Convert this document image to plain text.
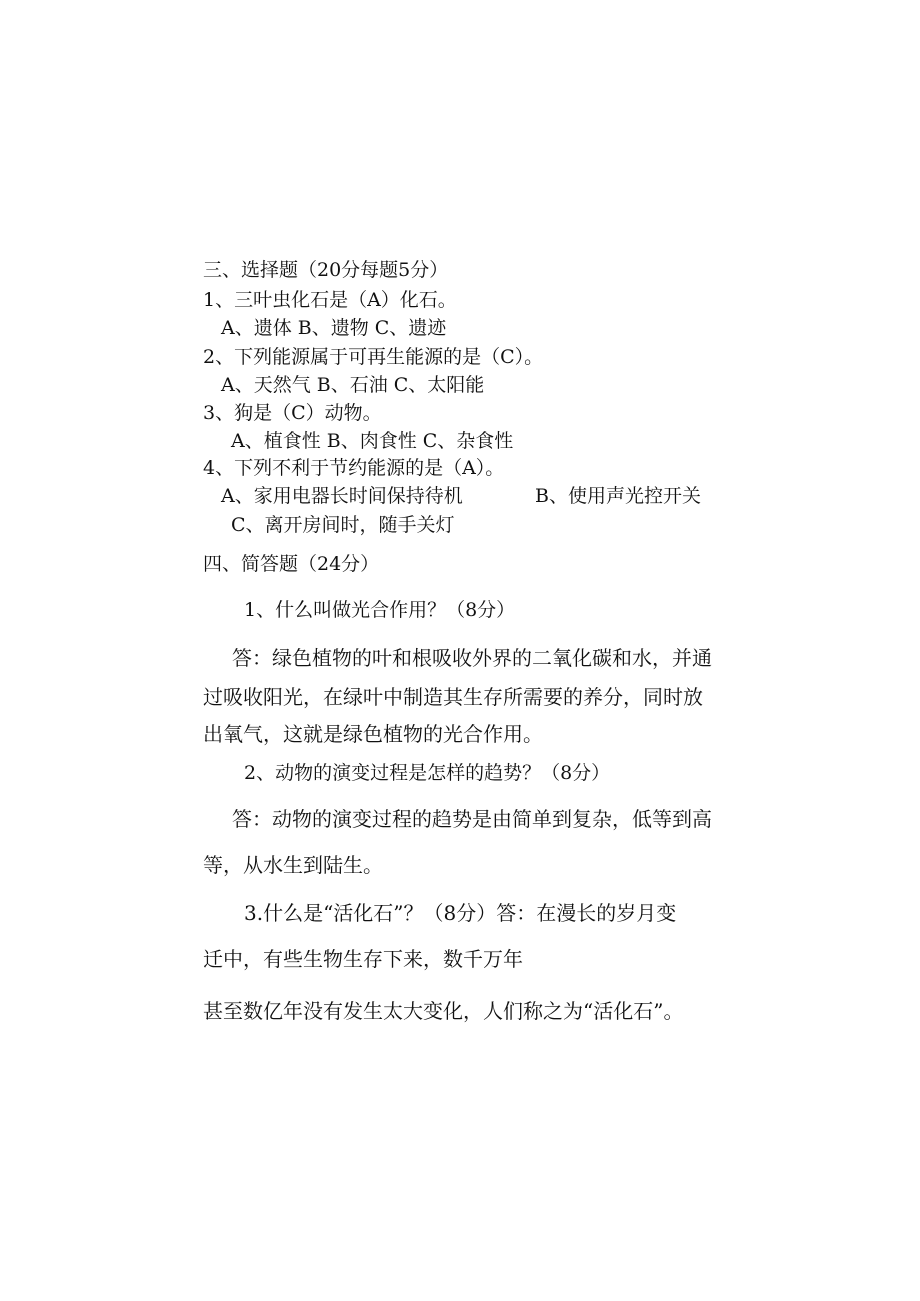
三、选择题（20分每题5分）
1、三叶虫化石是（A）化石。
A、遗体 B、遗物 C、遗迹
2、下列能源属于可再生能源的是（C）。
A、天然气 B、石油 C、太阳能
3、狗是（C）动物。
A、植食性 B、肉食性 C、杂食性
4、下列不利于节约能源的是（A）。
A、家用电器长时间保持待机	B、使用声光控开关
C、离开房间时，随手关灯
四、简答题（24分）
1、什么叫做光合作用？（8分）
答：绿色植物的叶和根吸收外界的二氧化碳和水，并通
过吸收阳光，在绿叶中制造其生存所需要的养分，同时放
出氧气，这就是绿色植物的光合作用。
2、动物的演变过程是怎样的趋势？（8分）
答：动物的演变过程的趋势是由简单到复杂，低等到高
等，从水生到陆生。
3.什么是“活化石”？（8分）答：在漫长的岁月变
迁中，有些生物生存下来，数千万年
甚至数亿年没有发生太大变化，人们称之为“活化石”。
